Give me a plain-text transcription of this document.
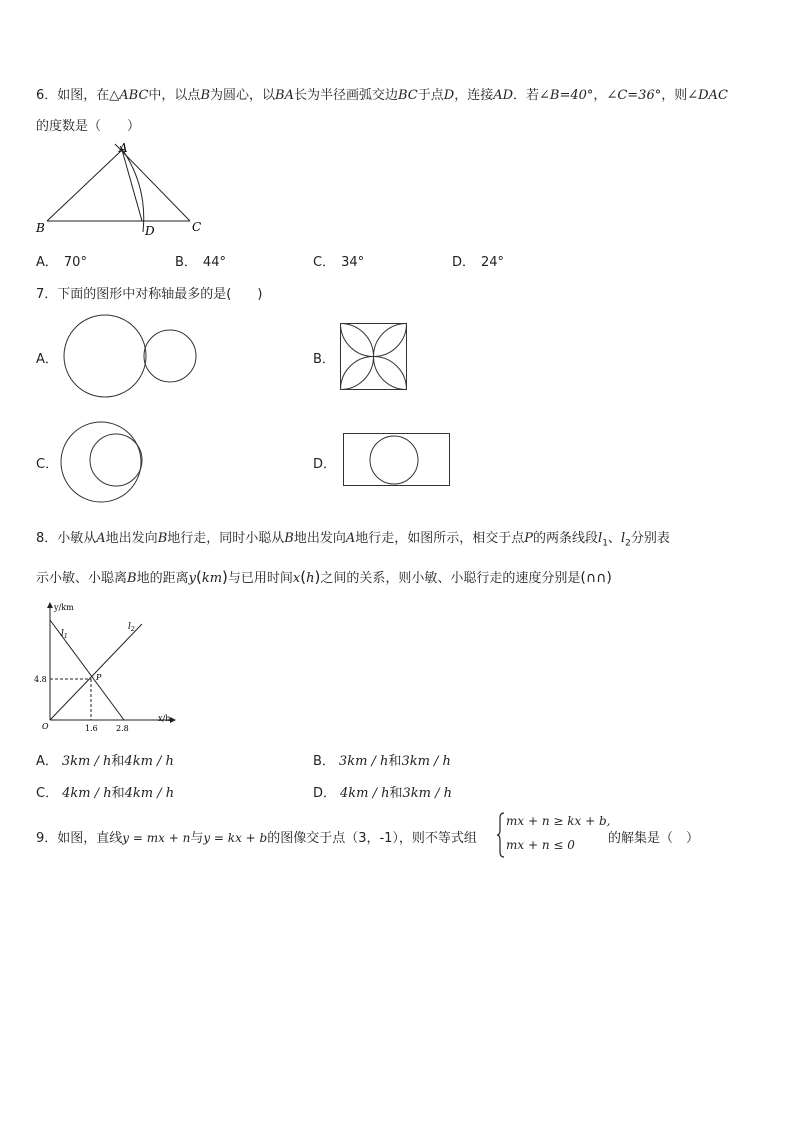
6．如图，在△ABC中，以点B为圆心，以BA长为半径画弧交边BC于点D，连接AD．若∠B=40°，∠C=36°，则∠DAC
的度数是（　　）
A
B	C
D
A． 70°	B． 44°	C． 34°	D． 24°
7．下面的图形中对称轴最多的是(　　)
A．	B．
C．	D．
8．小敏从A地出发向B地行走，同时小聪从B地出发向A地行走，如图所示，相交于点P的两条线段$l_1$、$l_2$分别表
示小敏、小聪离B地的距离y(km)与已用时间x(h)之间的关系，则小敏、小聪行走的速度分别是(∩∩)
y/km
x/h
O
4.8
1.6 2.8
P
$l_1$
$l_2$
A． 3km / h和4km / h	B． 3km / h和3km / h
C． 4km / h和4km / h	D． 4km / h和3km / h
9．如图，直线y = mx + n与y = kx + b的图像交于点（3，-1），则不等式组
mx + n ≥ kx + b,
mx + n ≤ 0	的解集是（　）
